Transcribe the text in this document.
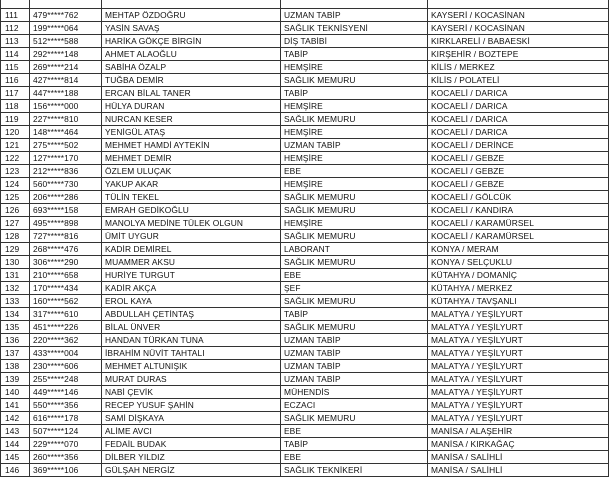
111	479*****762	MEHTAP ÖZDOĞRU	UZMAN TABİP	KAYSERİ / KOCASİNAN
112	199*****064	YASİN SAVAŞ	SAĞLIK TEKNİSYENİ	KAYSERİ / KOCASİNAN
113	512*****588	HARİKA GÖKÇE BİRGİN	DİŞ TABİBİ	KIRKLARELİ / BABAESKİ
114	292*****148	AHMET ALAOĞLU	TABİP	KIRŞEHİR / BOZTEPE
115	269*****214	SABİHA ÖZALP	HEMŞİRE	KİLİS / MERKEZ
116	427*****814	TUĞBA DEMİR	SAĞLIK MEMURU	KİLİS / POLATELİ
117	447*****188	ERCAN BİLAL TANER	TABİP	KOCAELİ / DARICA
118	156*****000	HÜLYA DURAN	HEMŞİRE	KOCAELİ / DARICA
119	227*****810	NURCAN KESER	SAĞLIK MEMURU	KOCAELİ / DARICA
120	148*****464	YENİGÜL ATAŞ	HEMŞİRE	KOCAELİ / DARICA
121	275*****502	MEHMET HAMDİ AYTEKİN	UZMAN TABİP	KOCAELİ / DERİNCE
122	127*****170	MEHMET DEMİR	HEMŞİRE	KOCAELİ / GEBZE
123	212*****836	ÖZLEM ULUÇAK	EBE	KOCAELİ / GEBZE
124	560*****730	YAKUP AKAR	HEMŞİRE	KOCAELİ / GEBZE
125	206*****286	TÜLİN TEKEL	SAĞLIK MEMURU	KOCAELİ / GÖLCÜK
126	693*****158	EMRAH GEDİKOĞLU	SAĞLIK MEMURU	KOCAELİ / KANDIRA
127	495*****898	MANOLYA MEDİNE TÜLEK OLGUN	HEMŞİRE	KOCAELİ / KARAMÜRSEL
128	727*****816	ÜMİT UYGUR	SAĞLIK MEMURU	KOCAELİ / KARAMÜRSEL
129	268*****476	KADİR DEMİREL	LABORANT	KONYA / MERAM
130	306*****290	MUAMMER AKSU	SAĞLIK MEMURU	KONYA / SELÇUKLU
131	210*****658	HURİYE TURGUT	EBE	KÜTAHYA / DOMANİÇ
132	170*****434	KADİR AKÇA	ŞEF	KÜTAHYA / MERKEZ
133	160*****562	EROL KAYA	SAĞLIK MEMURU	KÜTAHYA / TAVŞANLI
134	317*****610	ABDULLAH ÇETİNTAŞ	TABİP	MALATYA / YEŞİLYURT
135	451*****226	BİLAL ÜNVER	SAĞLIK MEMURU	MALATYA / YEŞİLYURT
136	220*****362	HANDAN TÜRKAN TUNA	UZMAN TABİP	MALATYA / YEŞİLYURT
137	433*****004	İBRAHİM NÜVİT TAHTALI	UZMAN TABİP	MALATYA / YEŞİLYURT
138	230*****606	MEHMET ALTUNIŞIK	UZMAN TABİP	MALATYA / YEŞİLYURT
139	255*****248	MURAT DURAS	UZMAN TABİP	MALATYA / YEŞİLYURT
140	449*****146	NABİ ÇEVİK	MÜHENDİS	MALATYA / YEŞİLYURT
141	550*****356	RECEP YUSUF ŞAHİN	ECZACI	MALATYA / YEŞİLYURT
142	616*****178	SAMİ DİŞKAYA	SAĞLIK MEMURU	MALATYA / YEŞİLYURT
143	507*****124	ALİME AVCI	EBE	MANİSA / ALAŞEHİR
144	229*****070	FEDAİL BUDAK	TABİP	MANİSA / KIRKAĞAÇ
145	260*****356	DİLBER YILDIZ	EBE	MANİSA / SALİHLİ
146	369*****106	GÜLŞAH NERGİZ	SAĞLIK TEKNİKERİ	MANİSA / SALİHLİ
